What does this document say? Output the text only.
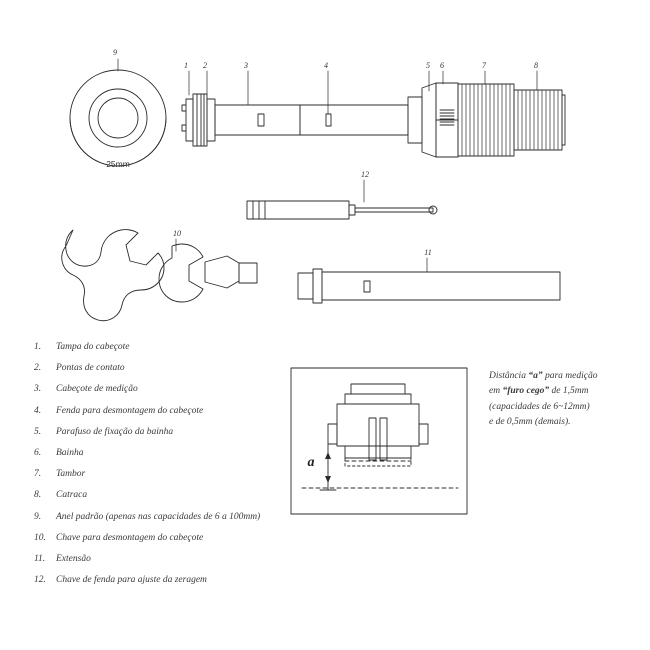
9
1 2	3	4	5 6	7	8
12
10
11
25mm
a
1.	Tampa do cabeçote
2.	Pontas de contato
3.	Cabeçote de medição
4.	Fenda para desmontagem do cabeçote
5.	Parafuso de fixação da bainha
6.	Bainha
7.	Tambor
8.	Catraca
9.	Anel padrão (apenas nas capacidades de 6 a 100mm)
10.	Chave para desmontagem do cabeçote
11.	Extensão
12.	Chave de fenda para ajuste da zeragem
Distância “a” para medição
em “furo cego” de 1,5mm
(capacidades de 6~12mm)
e de 0,5mm (demais).
